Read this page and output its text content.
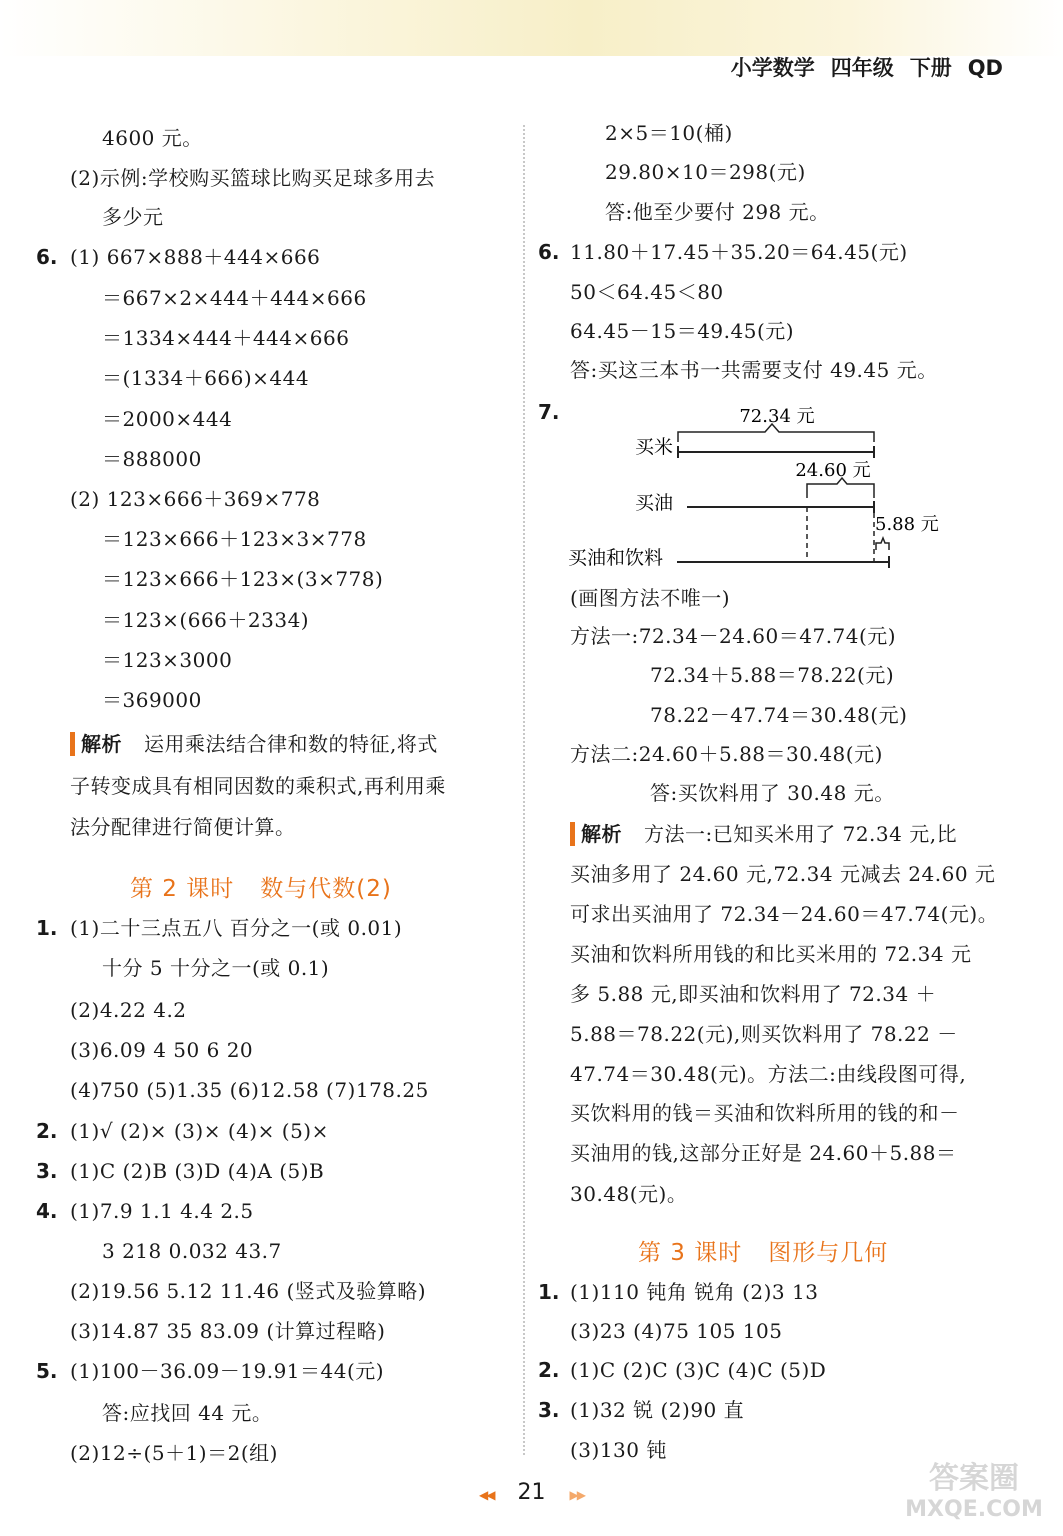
小学数学 四年级 下册 QD
4600 元。
(2)示例:学校购买篮球比购买足球多用去
多少元
6. (1) 667×888＋444×666
＝667×2×444＋444×666
＝1334×444＋444×666
＝(1334＋666)×444
＝2000×444
＝888000
(2) 123×666＋369×778
＝123×666＋123×3×778
＝123×666＋123×(3×778)
＝123×(666＋2334)
＝123×3000
＝369000
解析 运用乘法结合律和数的特征,将式
子转变成具有相同因数的乘积式,再利用乘
法分配律进行简便计算。
第 2 课时 数与代数(2)
1. (1)二十三点五八 百分之一(或 0.01)
十分 5 十分之一(或 0.1)
(2)4.22 4.2
(3)6.09 4 50 6 20
(4)750 (5)1.35 (6)12.58 (7)178.25
2. (1)√ (2)× (3)× (4)× (5)×
3. (1)C (2)B (3)D (4)A (5)B
4. (1)7.9 1.1 4.4 2.5
3 218 0.032 43.7
(2)19.56 5.12 11.46 (竖式及验算略)
(3)14.87 35 83.09 (计算过程略)
5. (1)100－36.09－19.91＝44(元)
答:应找回 44 元。
(2)12÷(5＋1)＝2(组)
2×5＝10(桶)
29.80×10＝298(元)
答:他至少要付 298 元。
6. 11.80＋17.45＋35.20＝64.45(元)
50＜64.45＜80
64.45－15＝49.45(元)
答:买这三本书一共需要支付 49.45 元。
7.
买米
72.34 元
买油
24.60 元
买油和饮料
5.88 元
(画图方法不唯一)
方法一:72.34－24.60＝47.74(元)
72.34＋5.88＝78.22(元)
78.22－47.74＝30.48(元)
方法二:24.60＋5.88＝30.48(元)
答:买饮料用了 30.48 元。
解析 方法一:已知买米用了 72.34 元,比
买油多用了 24.60 元,72.34 元减去 24.60 元
可求出买油用了 72.34－24.60＝47.74(元)。
买油和饮料所用钱的和比买米用的 72.34 元
多 5.88 元,即买油和饮料用了 72.34 ＋
5.88＝78.22(元),则买饮料用了 78.22 －
47.74＝30.48(元)。方法二:由线段图可得,
买饮料用的钱＝买油和饮料所用的钱的和－
买油用的钱,这部分正好是 24.60＋5.88＝
30.48(元)。
第 3 课时 图形与几何
1. (1)110 钝角 锐角 (2)3 13
(3)23 (4)75 105 105
2. (1)C (2)C (3)C (4)C (5)D
3. (1)32 锐 (2)90 直
(3)130 钝
◀◀ 21 ▶▶	答案圈
MXQE.COM
